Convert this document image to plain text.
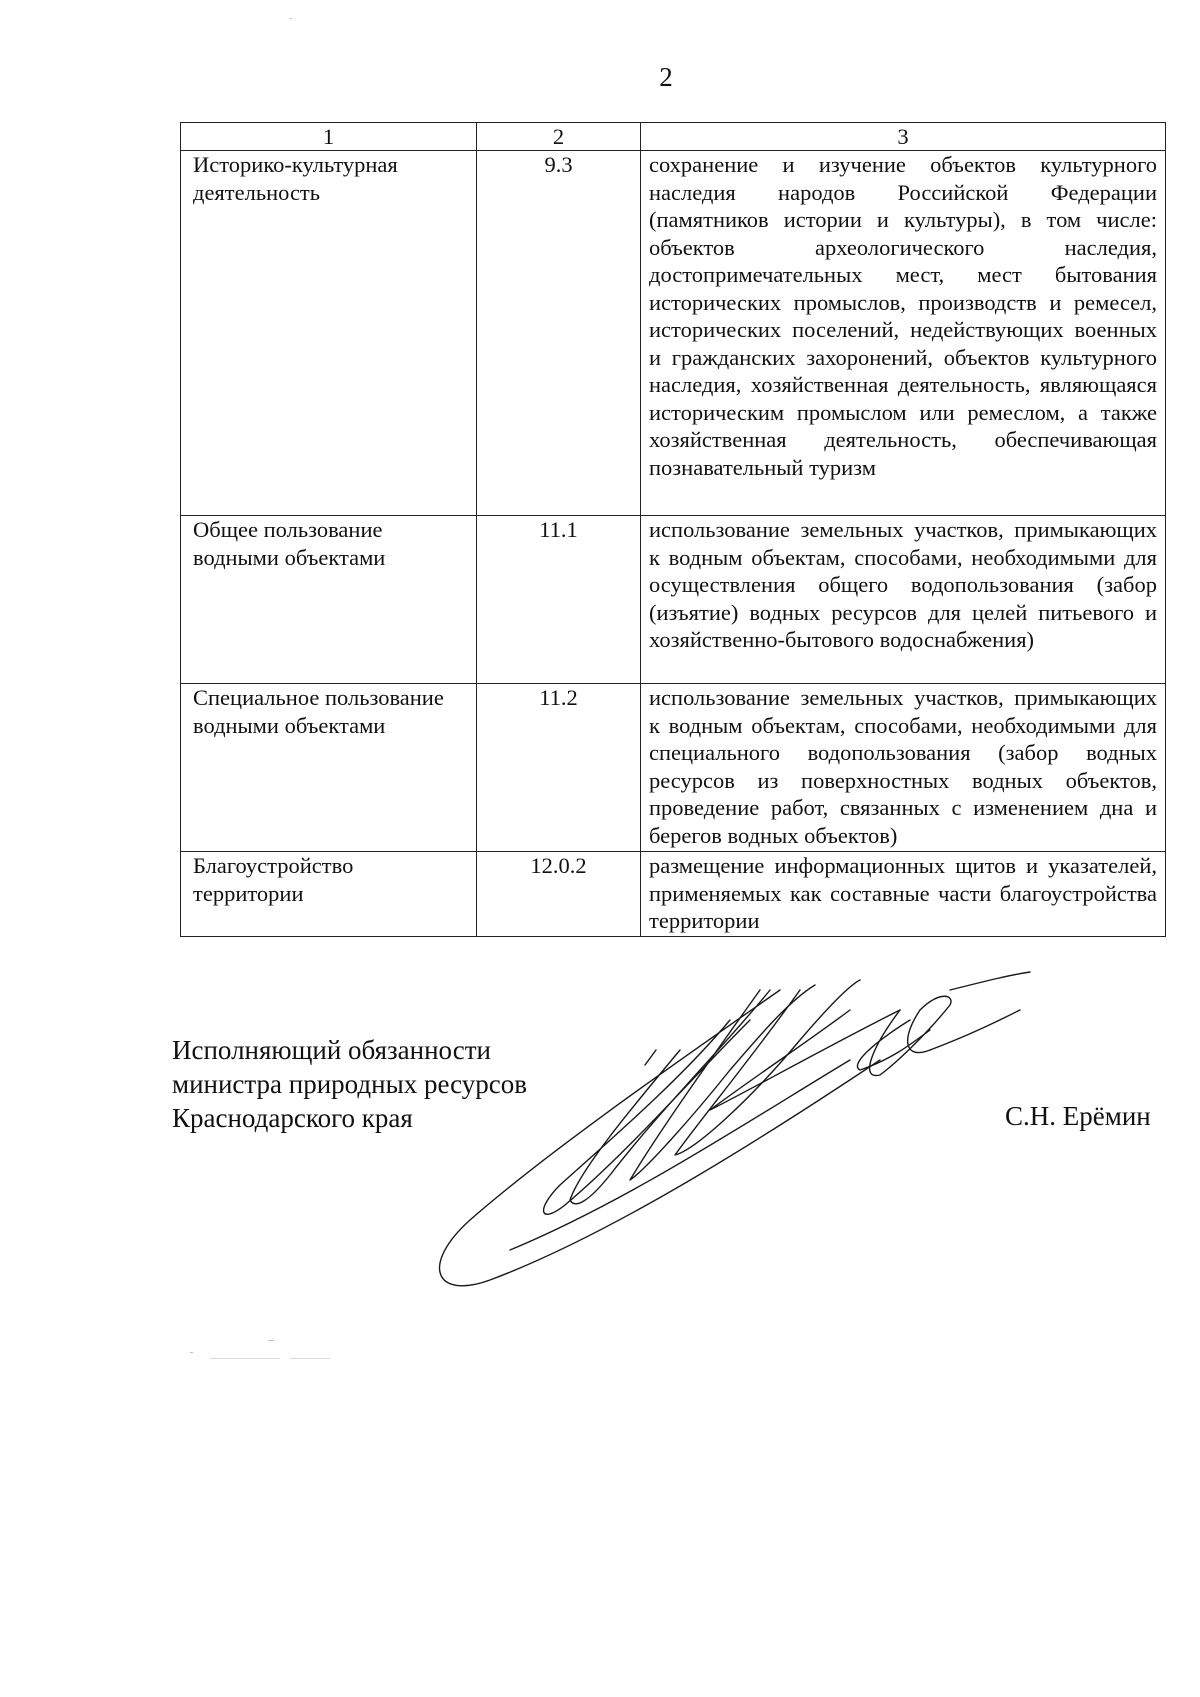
2
1	2	3
Историко-культурная деятельность	9.3	сохранение и изучение объектов культурного наследия народов Российской Федерации (памятников истории и культуры), в том числе: объектов археологического наследия, достопримечательных мест, мест бытования исторических промыслов, производств и ремесел, исторических поселений, недействующих военных и гражданских захоронений, объектов культурного наследия, хозяйственная деятельность, являющаяся историческим промыслом или ремеслом, а также хозяйственная деятельность, обеспечивающая познавательный туризм
Общее пользование водными объектами	11.1	использование земельных участков, примыкающих к водным объектам, способами, необходимыми для осуществления общего водопользования (забор (изъятие) водных ресурсов для целей питьевого и хозяйственно-бытового водоснабжения)
Специальное пользование водными объектами	11.2	использование земельных участков, примыкающих к водным объектам, способами, необходимыми для специального водопользования (забор водных ресурсов из поверхностных водных объектов, проведение работ, связанных с изменением дна и берегов водных объектов)
Благоустройство территории	12.0.2	размещение информационных щитов и указателей, применяемых как составные части благоустройства территории
Исполняющий обязанности
министра природных ресурсов
Краснодарского края	С.Н. Ерёмин
